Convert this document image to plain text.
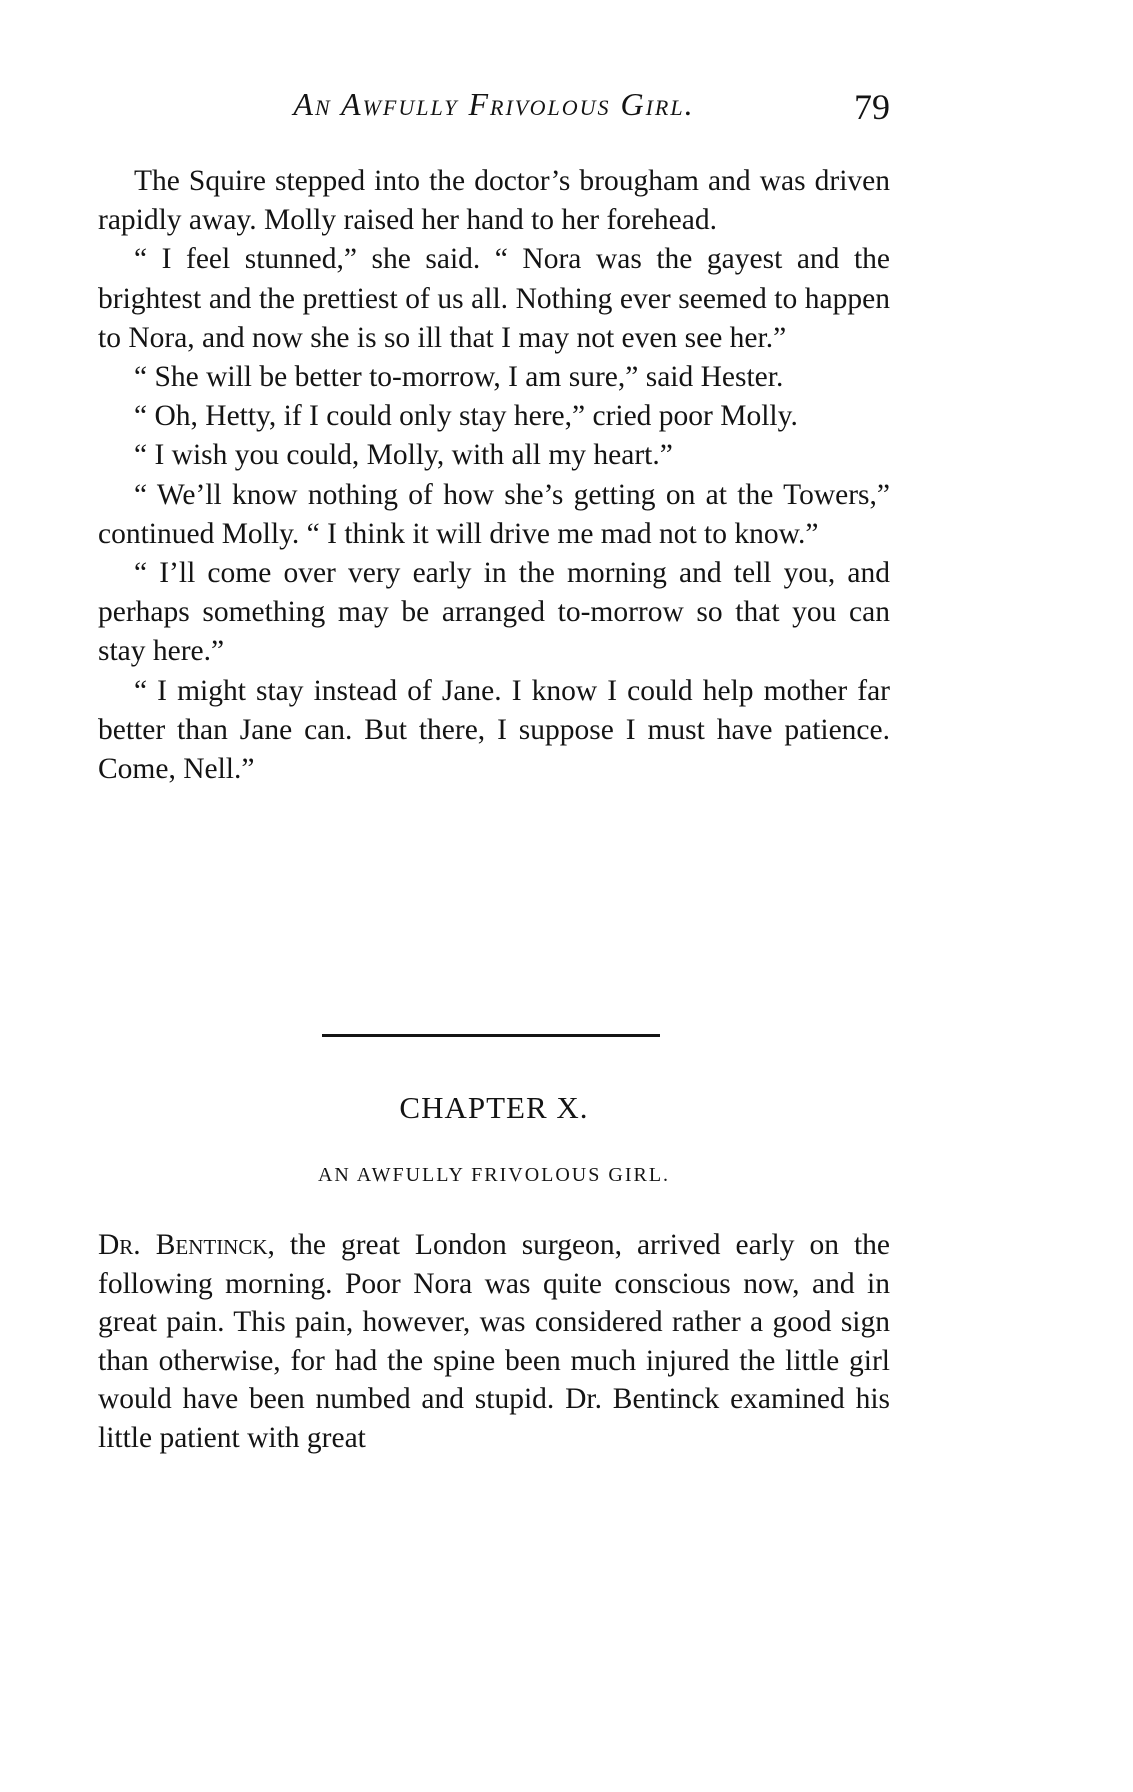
An Awfully Frivolous Girl.	79

The Squire stepped into the doctor’s brougham and was driven rapidly away. Molly raised her hand to her forehead.

“ I feel stunned,” she said. “ Nora was the gayest and the brightest and the prettiest of us all. Nothing ever seemed to happen to Nora, and now she is so ill that I may not even see her.”

“ She will be better to-morrow, I am sure,” said Hester.

“ Oh, Hetty, if I could only stay here,” cried poor Molly.

“ I wish you could, Molly, with all my heart.”

“ We’ll know nothing of how she’s getting on at the Towers,” continued Molly. “ I think it will drive me mad not to know.”

“ I’ll come over very early in the morning and tell you, and perhaps something may be arranged to-morrow so that you can stay here.”

“ I might stay instead of Jane. I know I could help mother far better than Jane can. But there, I suppose I must have patience. Come, Nell.”

CHAPTER X.
AN AWFULLY FRIVOLOUS GIRL.

Dr. Bentinck, the great London surgeon, arrived early on the following morning. Poor Nora was quite conscious now, and in great pain. This pain, however, was considered rather a good sign than otherwise, for had the spine been much injured the little girl would have been numbed and stupid. Dr. Bentinck examined his little patient with great
